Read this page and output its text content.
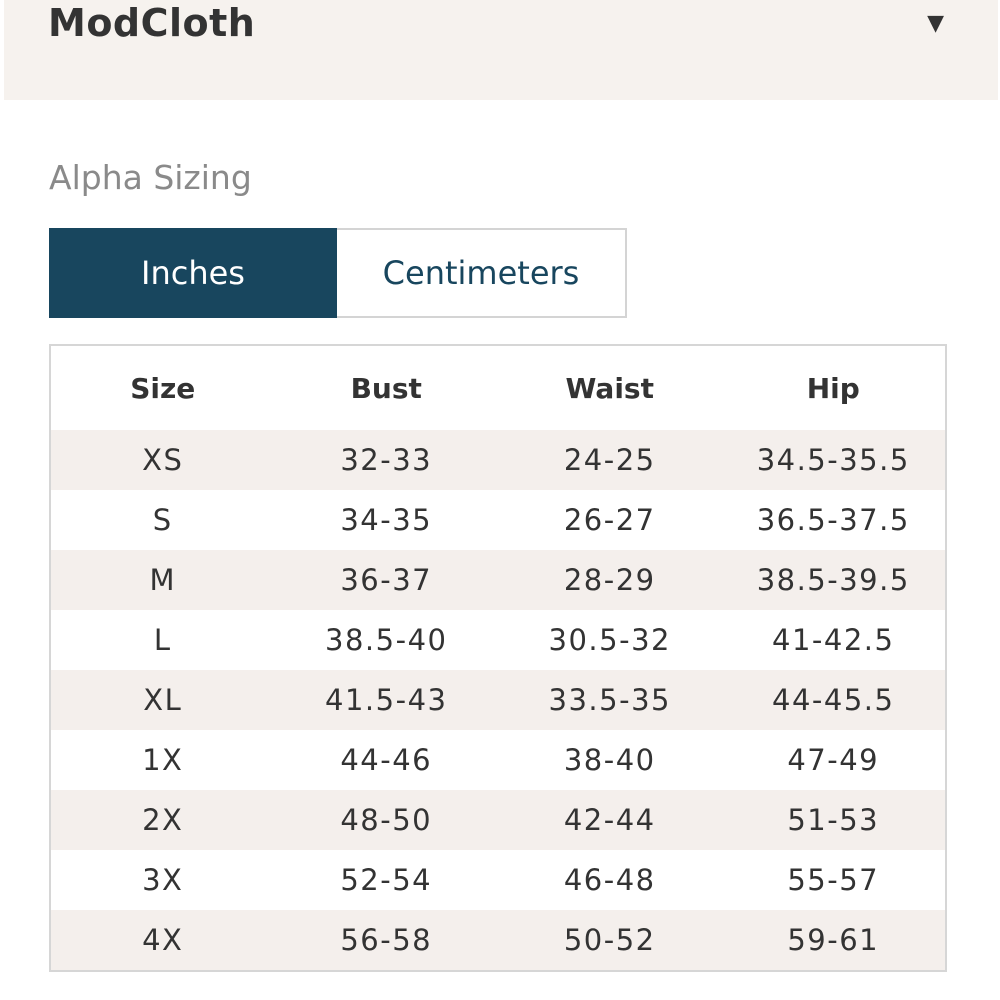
ModCloth	▼
Alpha Sizing
Inches	Centimeters
Size	Bust	Waist	Hip
XS	32-33	24-25	34.5-35.5
S	34-35	26-27	36.5-37.5
M	36-37	28-29	38.5-39.5
L	38.5-40	30.5-32	41-42.5
XL	41.5-43	33.5-35	44-45.5
1X	44-46	38-40	47-49
2X	48-50	42-44	51-53
3X	52-54	46-48	55-57
4X	56-58	50-52	59-61
